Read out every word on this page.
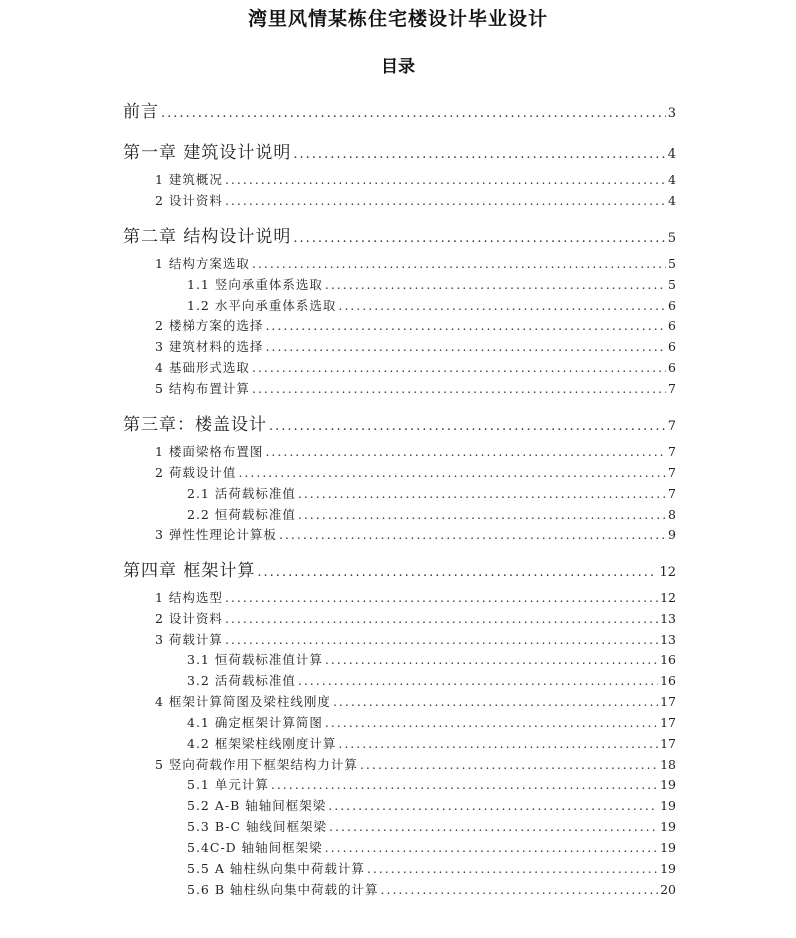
湾里风情某栋住宅楼设计毕业设计
目录
前言 .....	3
第一章 建筑设计说明 .....	4
1 建筑概况 .....	4
2 设计资料 .....	4
第二章 结构设计说明 .....	5
1 结构方案选取 .....	5
1.1 竖向承重体系选取 .....	5
1.2 水平向承重体系选取 .....	6
2 楼梯方案的选择 .....	6
3 建筑材料的选择 .....	6
4 基础形式选取 .....	6
5 结构布置计算 .....	7
第三章：楼盖设计 .....	7
1 楼面梁格布置图 .....	7
2 荷载设计值 .....	7
2.1 活荷载标准值 .....	7
2.2 恒荷载标准值 .....	8
3 弹性性理论计算板 .....	9
第四章 框架计算 .....	12
1 结构选型 .....	12
2 设计资料 .....	13
3 荷载计算 .....	13
3.1 恒荷载标准值计算 .....	16
3.2 活荷载标准值 .....	16
4 框架计算简图及梁柱线刚度 .....	17
4.1 确定框架计算简图 .....	17
4.2 框架梁柱线刚度计算 .....	17
5 竖向荷载作用下框架结构力计算 .....	18
5.1 单元计算 .....	19
5.2 A-B 轴轴间框架梁 .....	19
5.3 B-C 轴线间框架梁 .....	19
5.4C-D 轴轴间框架梁 .....	19
5.5 A 轴柱纵向集中荷载计算 .....	19
5.6 B 轴柱纵向集中荷载的计算 .....	20
